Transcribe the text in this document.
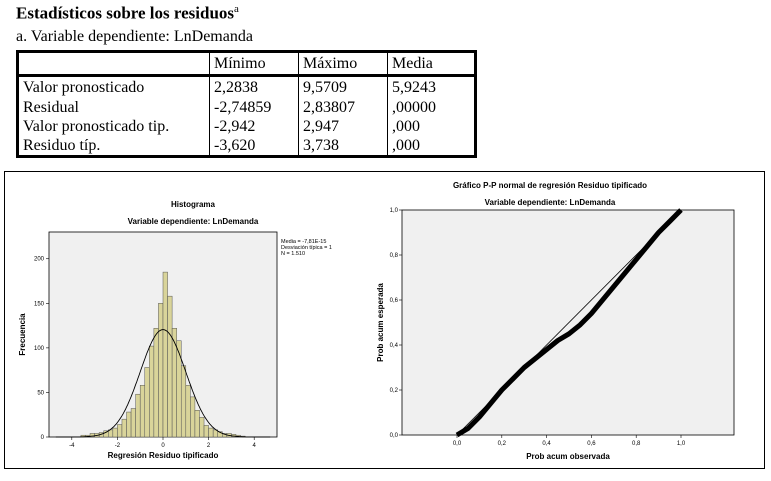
Estadísticos sobre los residuos$^a$
a. Variable dependiente: LnDemanda
	Mínimo	Máximo	Media
Valor pronosticado	2,2838	9,5709	5,9243
Residual	-2,74859	2,83807	,00000
Valor pronosticado tip.	-2,942	2,947	,000
Residuo típ.	-3,620	3,738	,000
Histograma
Variable dependiente: LnDemanda
-4	-2	0	2	4
0
50
100
150
200
Frecuencia
Regresión Residuo tipificado
Media = -7,81E-15
Desviación típica = 1
N = 1.510
Gráfico P-P normal de regresión Residuo tipificado
Variable dependiente: LnDemanda
0,0	0,2	0,4	0,6	0,8	1,0
0,0
0,2
0,4
0,6
0,8
1,0
Prob acum esperada
Prob acum observada
